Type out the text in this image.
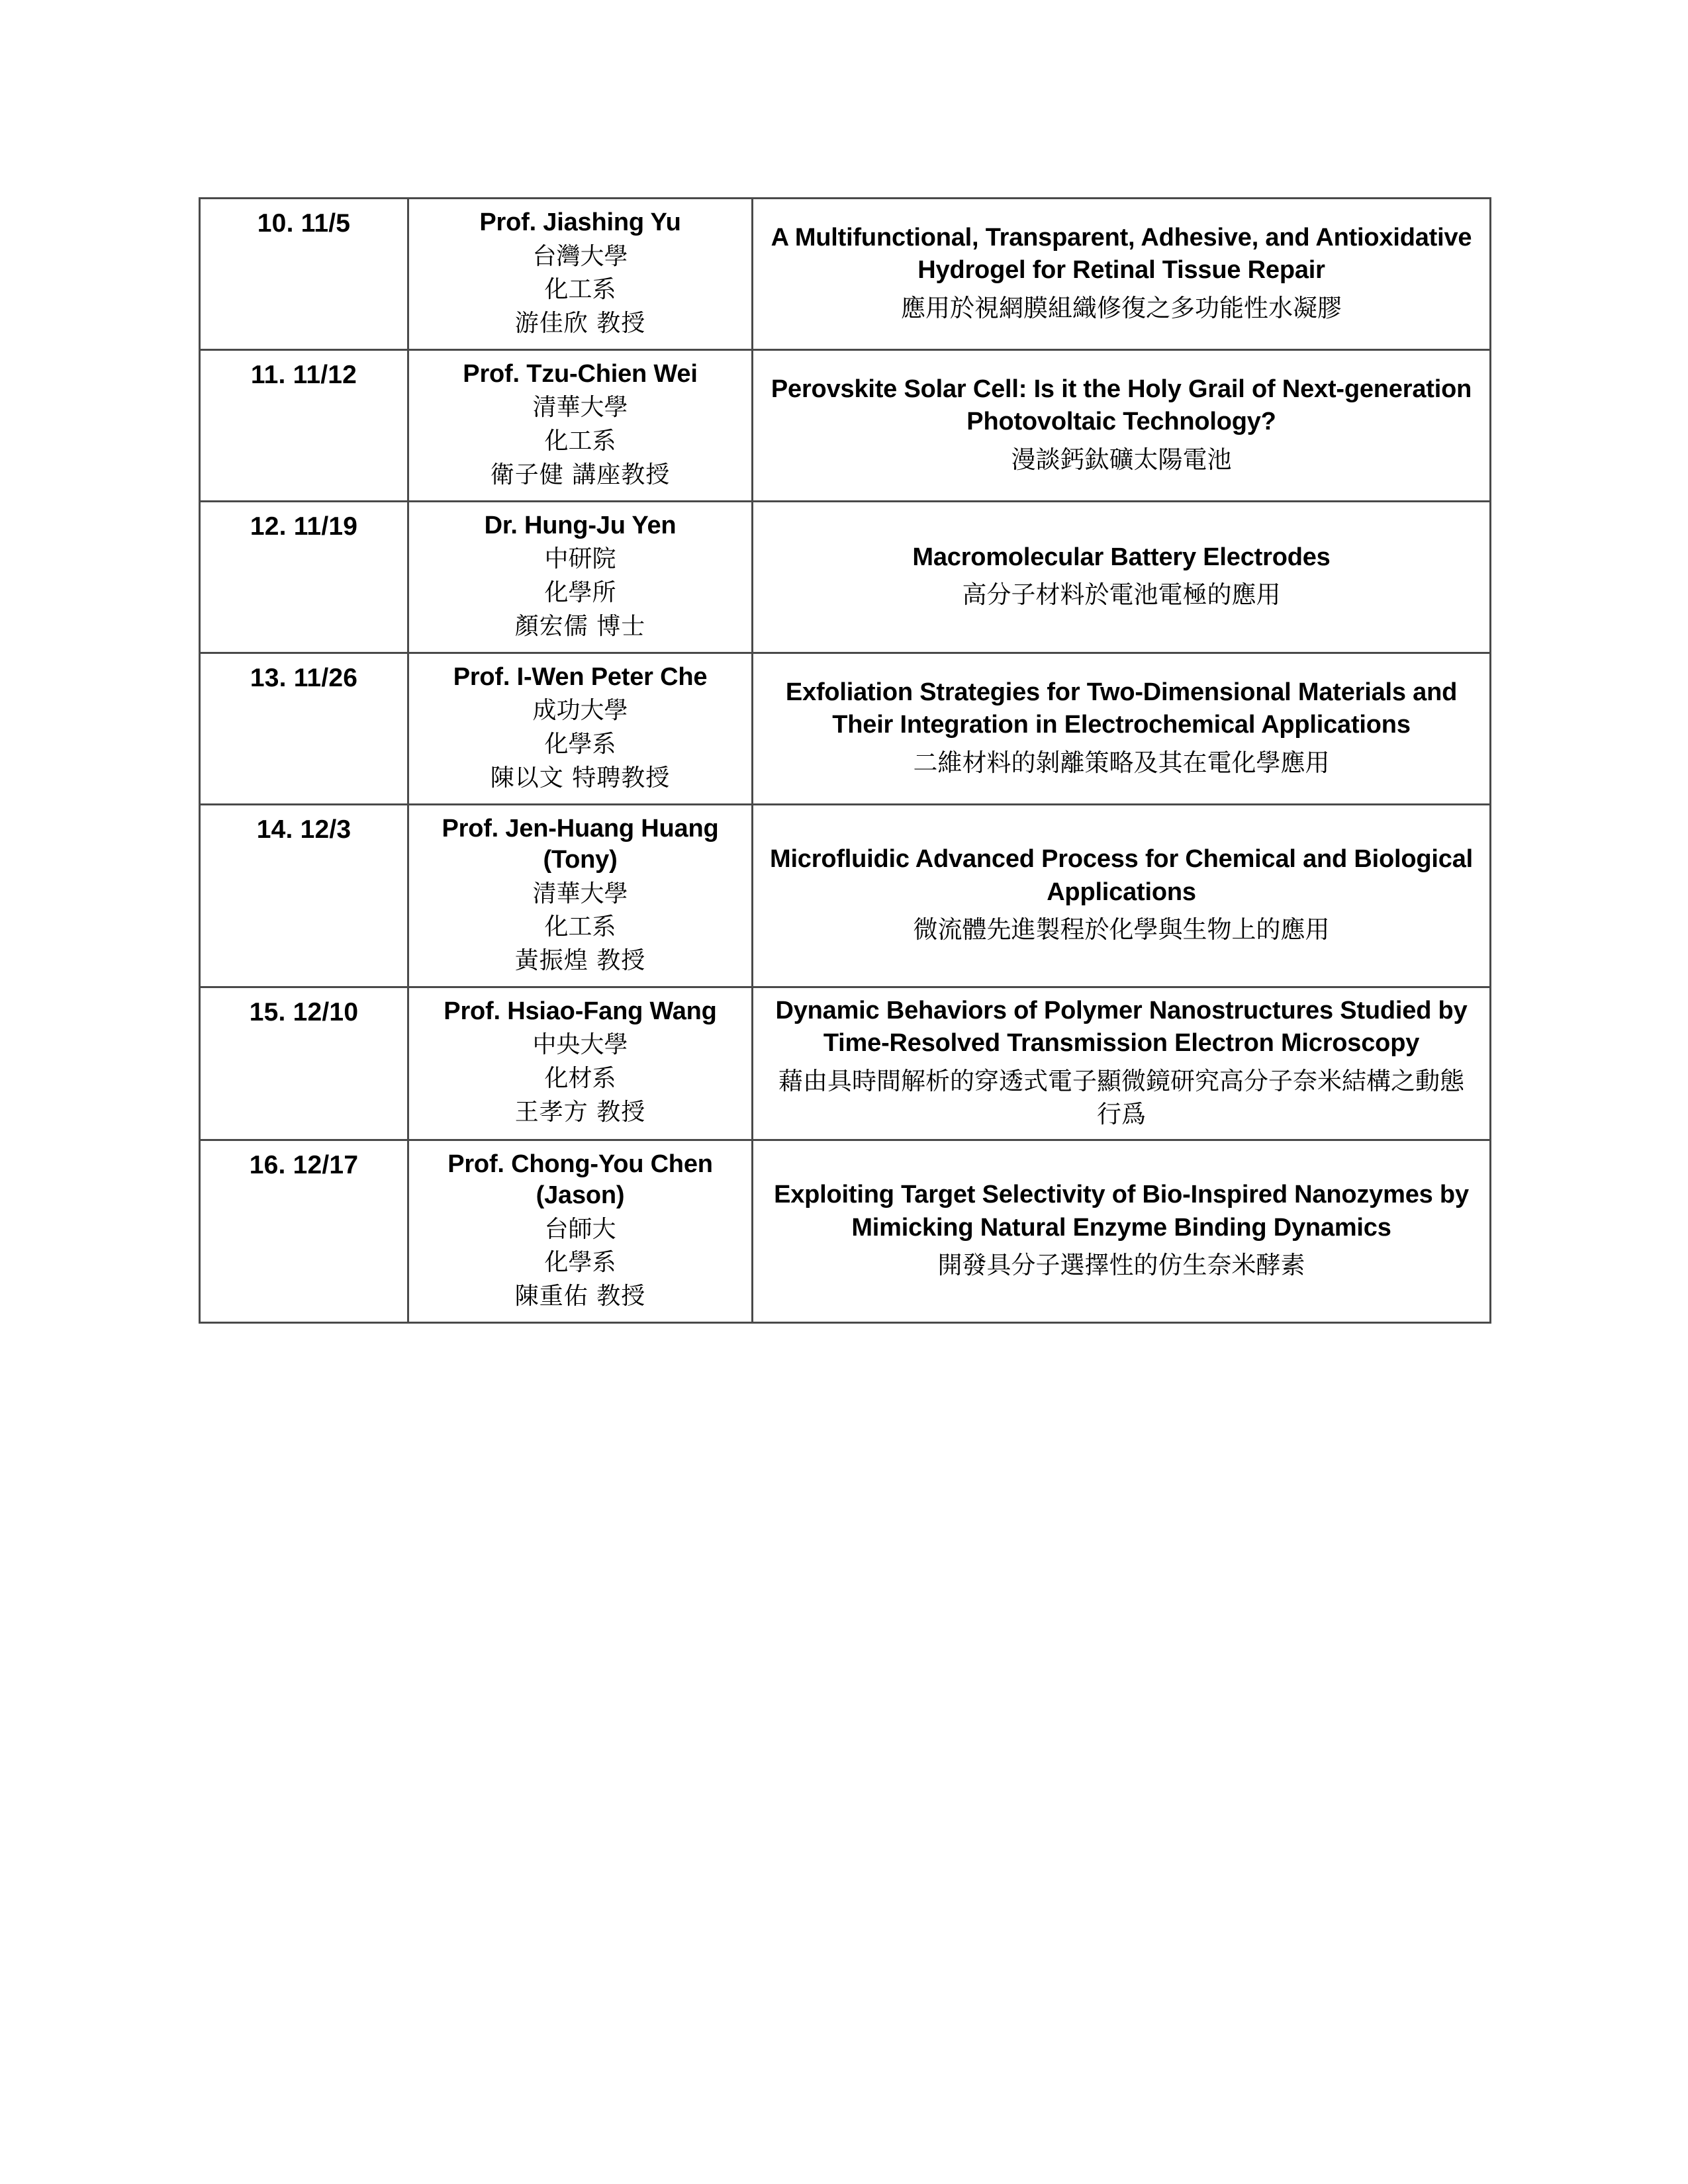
10. 11/5	Prof. Jiashing Yu
台灣大學
化工系
游佳欣 教授

A Multifunctional, Transparent, Adhesive, and Antioxidative Hydrogel for Retinal Tissue Repair
應用於視網膜組織修復之多功能性水凝膠

11. 11/12	Prof. Tzu-Chien Wei
清華大學
化工系
衛子健 講座教授

Perovskite Solar Cell: Is it the Holy Grail of Next-generation Photovoltaic Technology?
漫談鈣鈦礦太陽電池

12. 11/19	Dr. Hung-Ju Yen
中研院
化學所
顏宏儒 博士

Macromolecular Battery Electrodes
高分子材料於電池電極的應用

13. 11/26	Prof. I-Wen Peter Che
成功大學
化學系
陳以文 特聘教授

Exfoliation Strategies for Two-Dimensional Materials and Their Integration in Electrochemical Applications
二維材料的剝離策略及其在電化學應用

14. 12/3	Prof. Jen-Huang Huang (Tony)
清華大學
化工系
黃振煌 教授

Microfluidic Advanced Process for Chemical and Biological Applications
微流體先進製程於化學與生物上的應用

15. 12/10	Prof. Hsiao-Fang Wang
中央大學
化材系
王孝方 教授

Dynamic Behaviors of Polymer Nanostructures Studied by Time-Resolved Transmission Electron Microscopy
藉由具時間解析的穿透式電子顯微鏡研究高分子奈米結構之動態行爲

16. 12/17	Prof. Chong-You Chen (Jason)
台師大
化學系
陳重佑 教授

Exploiting Target Selectivity of Bio-Inspired Nanozymes by Mimicking Natural Enzyme Binding Dynamics
開發具分子選擇性的仿生奈米酵素
